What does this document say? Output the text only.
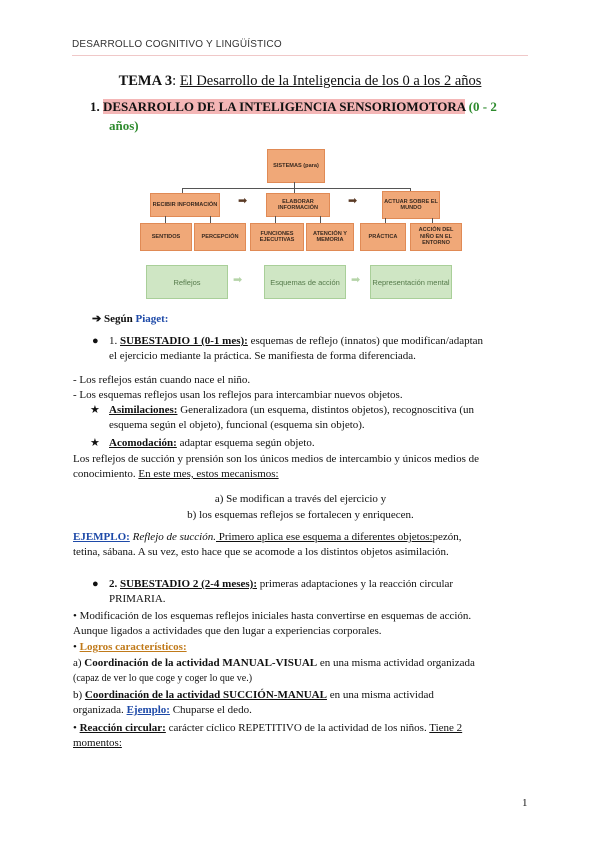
DESARROLLO COGNITIVO Y LINGÜÍSTICO
TEMA 3: El Desarrollo de la Inteligencia de los 0 a los 2 años
1. DESARROLLO DE LA INTELIGENCIA SENSORIOMOTORA (0 - 2
años)
SISTEMAS (para)
RECIBIR INFORMACIÓN ➡	ELABORAR INFORMACIÓN
➡	ACTUAR SOBRE EL MUNDO
SENTIDOS	PERCEPCIÓN
FUNCIONES EJECUTIVAS
ATENCIÓN Y MEMORIA
PRÁCTICA
ACCIÓN DEL NIÑO EN EL ENTORNO
Reflejos	➡	Esquemas de acción	➡	Representación mental
➔ Según Piaget:
● 1. SUBESTADIO 1 (0-1 mes): esquemas de reflejo (innatos) que modifican/adaptan
el ejercicio mediante la práctica. Se manifiesta de forma diferenciada.
- Los reflejos están cuando nace el niño.
- Los esquemas reflejos usan los reflejos para intercambiar nuevos objetos.
★ Asimilaciones: Generalizadora (un esquema, distintos objetos), recognoscitiva (un
esquema según el objeto), funcional (esquema sin objeto).
★ Acomodación: adaptar esquema según objeto.
Los reflejos de succión y prensión son los únicos medios de intercambio y únicos medios de
conocimiento. En este mes, estos mecanismos:
a) Se modifican a través del ejercicio y
b) los esquemas reflejos se fortalecen y enriquecen.
EJEMPLO: Reflejo de succión. Primero aplica ese esquema a diferentes objetos:pezón,
tetina, sábana. A su vez, esto hace que se acomode a los distintos objetos asimilación.
● 2. SUBESTADIO 2 (2-4 meses): primeras adaptaciones y la reacción circular
PRIMARIA.
• Modificación de los esquemas reflejos iniciales hasta convertirse en esquemas de acción.
Aunque ligados a actividades que den lugar a experiencias corporales.
• Logros característicos:
a) Coordinación de la actividad MANUAL-VISUAL en una misma actividad organizada
(capaz de ver lo que coge y coger lo que ve.)
b) Coordinación de la actividad SUCCIÓN-MANUAL en una misma actividad
organizada. Ejemplo: Chuparse el dedo.
• Reacción circular: carácter cíclico REPETITIVO de la actividad de los niños. Tiene 2
momentos:
1
